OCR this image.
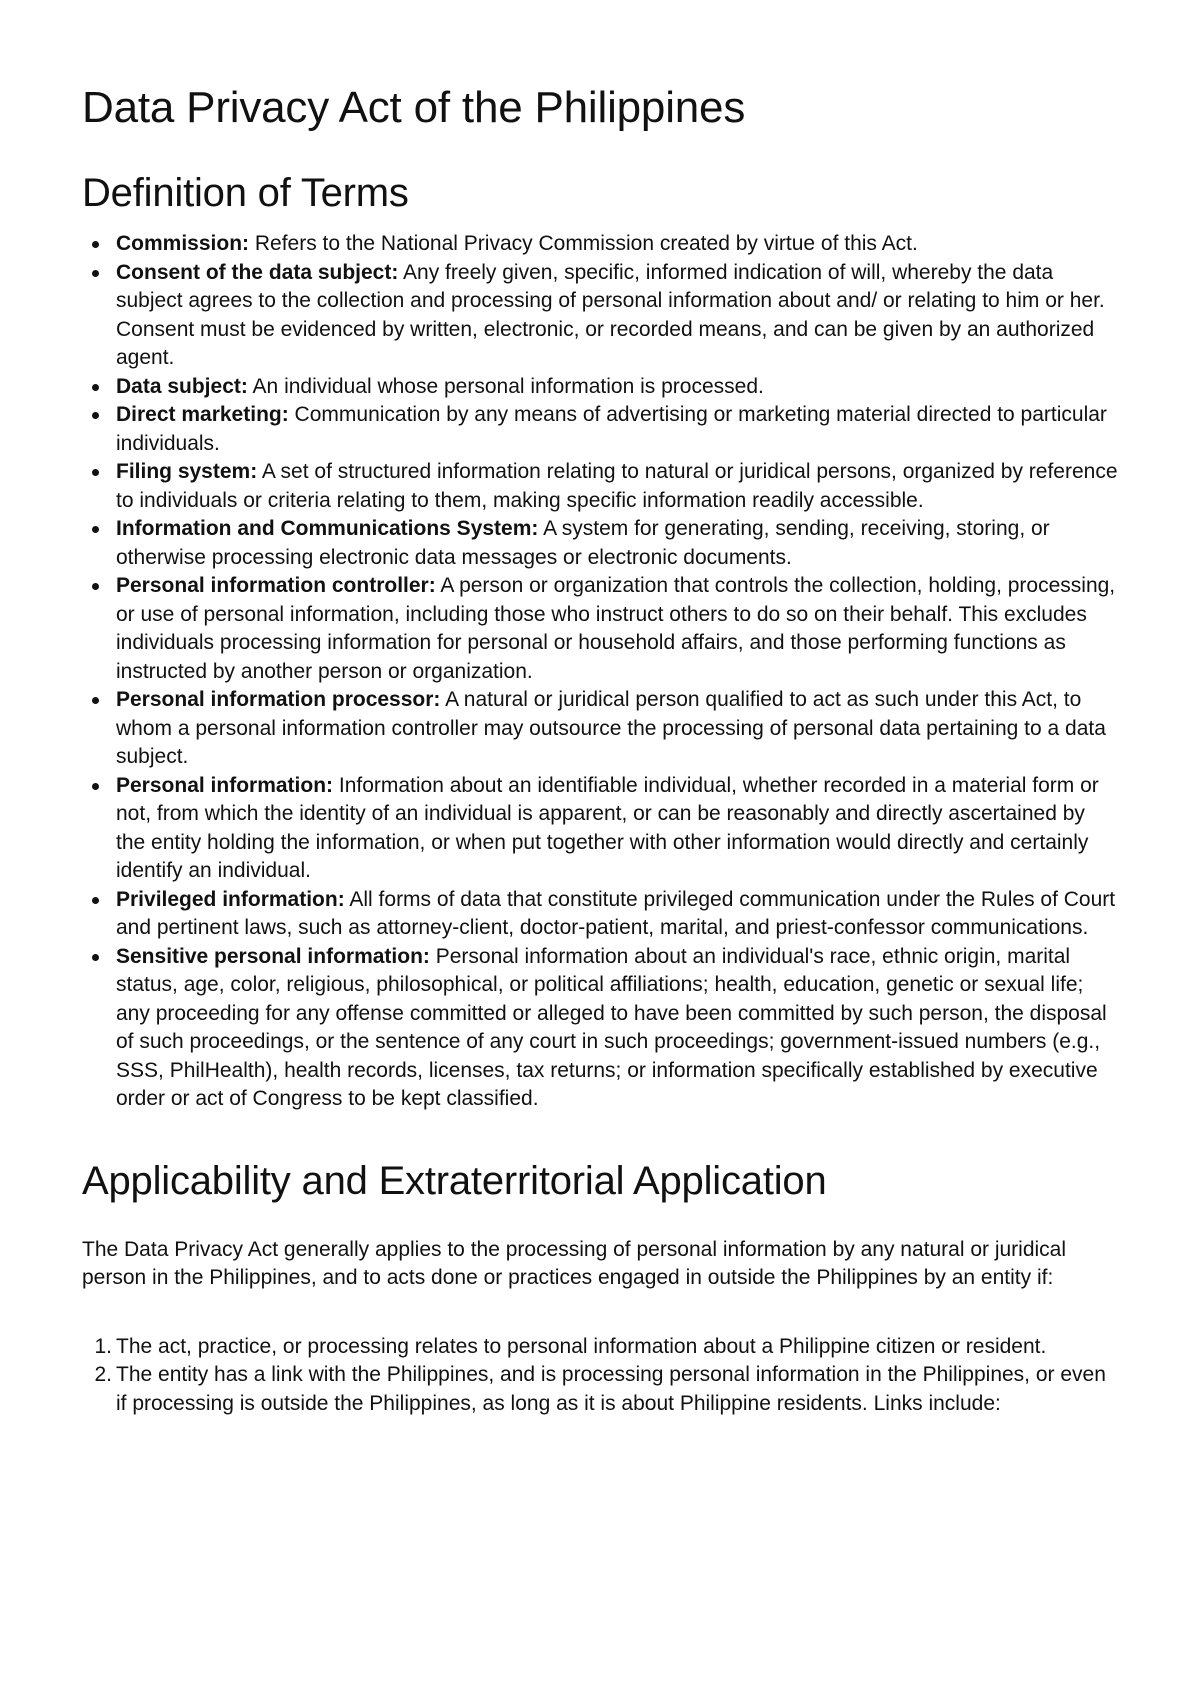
Data Privacy Act of the Philippines
Definition of Terms
Commission: Refers to the National Privacy Commission created by virtue of this Act.
Consent of the data subject: Any freely given, specific, informed indication of will, whereby the data subject agrees to the collection and processing of personal information about and/ or relating to him or her. Consent must be evidenced by written, electronic, or recorded means, and can be given by an authorized agent.
Data subject: An individual whose personal information is processed.
Direct marketing: Communication by any means of advertising or marketing material directed to particular individuals.
Filing system: A set of structured information relating to natural or juridical persons, organized by reference to individuals or criteria relating to them, making specific information readily accessible.
Information and Communications System: A system for generating, sending, receiving, storing, or otherwise processing electronic data messages or electronic documents.
Personal information controller: A person or organization that controls the collection, holding, processing, or use of personal information, including those who instruct others to do so on their behalf. This excludes individuals processing information for personal or household affairs, and those performing functions as instructed by another person or organization.
Personal information processor: A natural or juridical person qualified to act as such under this Act, to whom a personal information controller may outsource the processing of personal data pertaining to a data subject.
Personal information: Information about an identifiable individual, whether recorded in a material form or not, from which the identity of an individual is apparent, or can be reasonably and directly ascertained by the entity holding the information, or when put together with other information would directly and certainly identify an individual.
Privileged information: All forms of data that constitute privileged communication under the Rules of Court and pertinent laws, such as attorney-client, doctor-patient, marital, and priest-confessor communications.
Sensitive personal information: Personal information about an individual's race, ethnic origin, marital status, age, color, religious, philosophical, or political affiliations; health, education, genetic or sexual life; any proceeding for any offense committed or alleged to have been committed by such person, the disposal of such proceedings, or the sentence of any court in such proceedings; government-issued numbers (e.g., SSS, PhilHealth), health records, licenses, tax returns; or information specifically established by executive order or act of Congress to be kept classified.
Applicability and Extraterritorial Application

The Data Privacy Act generally applies to the processing of personal information by any natural or juridical person in the Philippines, and to acts done or practices engaged in outside the Philippines by an entity if:

1. The act, practice, or processing relates to personal information about a Philippine citizen or resident.
2. The entity has a link with the Philippines, and is processing personal information in the Philippines, or even if processing is outside the Philippines, as long as it is about Philippine residents. Links include:
